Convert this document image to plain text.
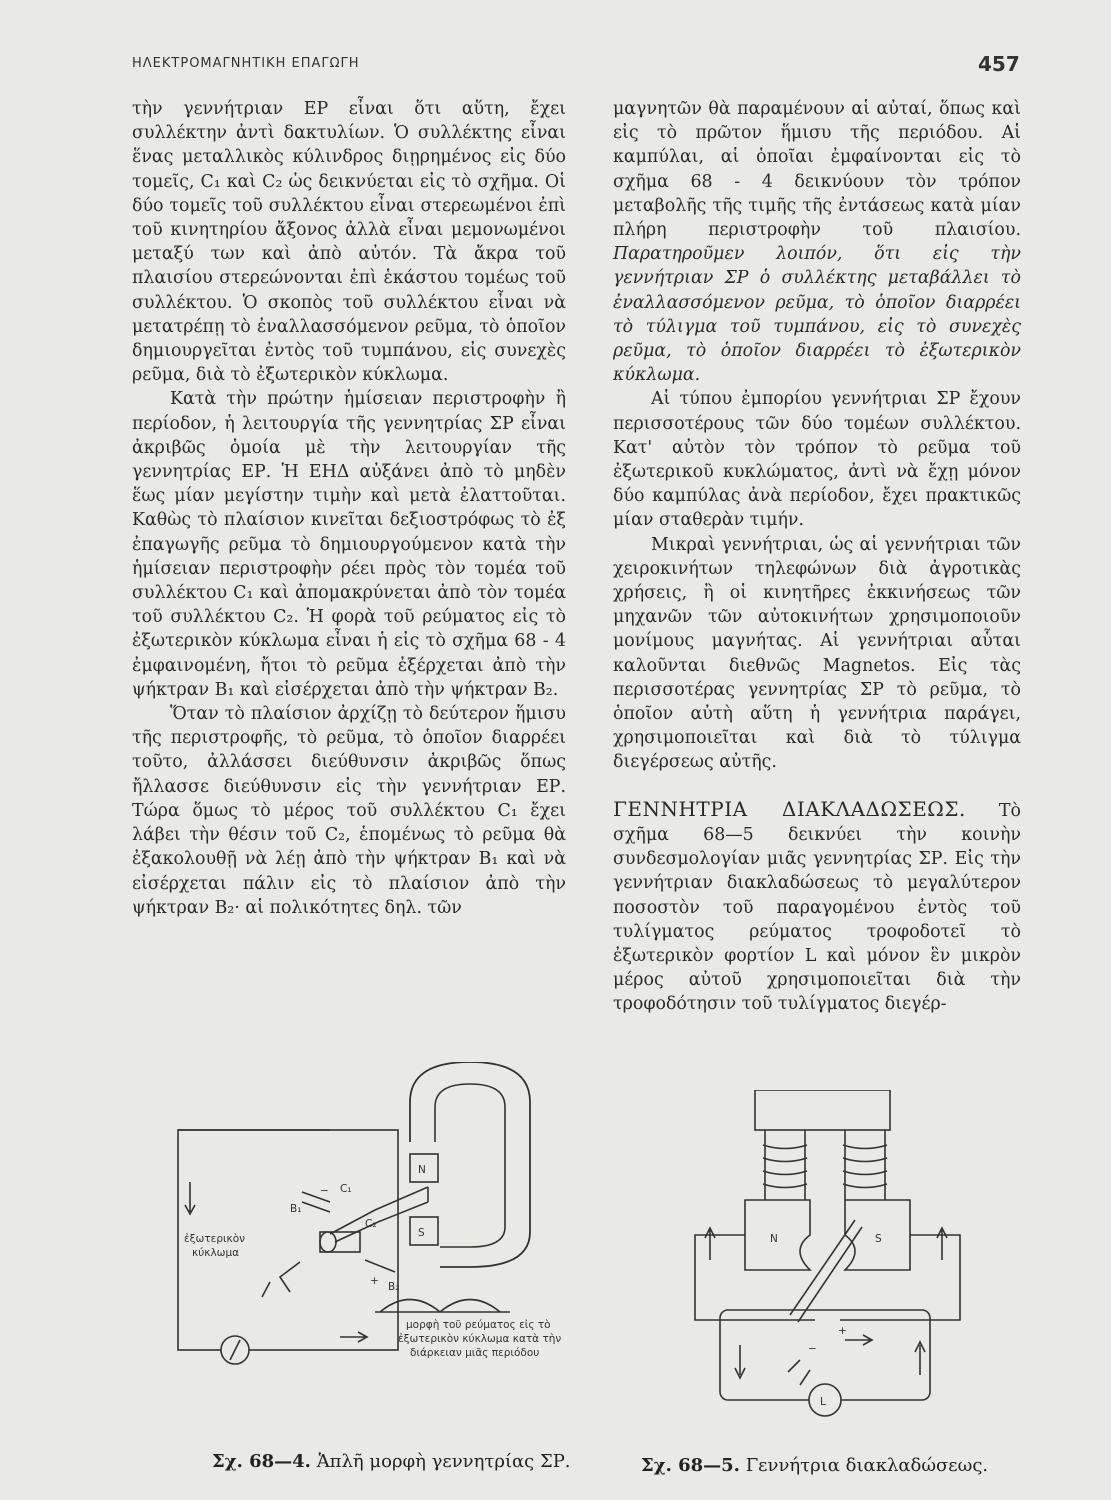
ΗΛΕΚΤΡΟΜΑΓΝΗΤΙΚΗ ΕΠΑΓΩΓΗ	457

τὴν γεννήτριαν ΕΡ εἶναι ὅτι αὕτη, ἔχει συλλέκτην ἀντὶ δακτυλίων. Ὁ συλλέκτης εἶναι ἕνας μεταλλικὸς κύλινδρος διῃρημένος εἰς δύο τομεῖς, C₁ καὶ C₂ ὡς δεικνύεται εἰς τὸ σχῆμα. Οἱ δύο τομεῖς τοῦ συλλέκτου εἶναι στερεωμένοι ἐπὶ τοῦ κινητηρίου ἄξονος ἀλλὰ εἶναι μεμονωμένοι μεταξύ των καὶ ἀπὸ αὐτόν. Τὰ ἄκρα τοῦ πλαισίου στερεώνονται ἐπὶ ἑκάστου τομέως τοῦ συλλέκτου. Ὁ σκοπὸς τοῦ συλλέκτου εἶναι νὰ μετατρέπῃ τὸ ἐναλλασσόμενον ρεῦμα, τὸ ὁποῖον δημιουργεῖται ἐντὸς τοῦ τυμπάνου, εἰς συνεχὲς ρεῦμα, διὰ τὸ ἐξωτερικὸν κύκλωμα.

Κατὰ τὴν πρώτην ἡμίσειαν περιστροφὴν ἢ περίοδον, ἡ λειτουργία τῆς γεννητρίας ΣΡ εἶναι ἀκριβῶς ὁμοία μὲ τὴν λειτουργίαν τῆς γεννητρίας ΕΡ. Ἡ ΕΗΔ αὐξάνει ἀπὸ τὸ μηδὲν ἕως μίαν μεγίστην τιμὴν καὶ μετὰ ἐλαττοῦται. Καθὼς τὸ πλαίσιον κινεῖται δεξιοστρόφως τὸ ἐξ ἐπαγωγῆς ρεῦμα τὸ δημιουργούμενον κατὰ τὴν ἡμίσειαν περιστροφὴν ρέει πρὸς τὸν τομέα τοῦ συλλέκτου C₁ καὶ ἀπομακρύνεται ἀπὸ τὸν τομέα τοῦ συλλέκτου C₂. Ἡ φορὰ τοῦ ρεύματος εἰς τὸ ἐξωτερικὸν κύκλωμα εἶναι ἡ εἰς τὸ σχῆμα 68 - 4 ἐμφαινομένη, ἤτοι τὸ ρεῦμα ἐξέρχεται ἀπὸ τὴν ψήκτραν B₁ καὶ εἰσέρχεται ἀπὸ τὴν ψήκτραν B₂.

Ὅταν τὸ πλαίσιον ἀρχίζῃ τὸ δεύτερον ἥμισυ τῆς περιστροφῆς, τὸ ρεῦμα, τὸ ὁποῖον διαρρέει τοῦτο, ἀλλάσσει διεύθυνσιν ἀκριβῶς ὅπως ἤλλασσε διεύθυνσιν εἰς τὴν γεννήτριαν ΕΡ. Τώρα ὅμως τὸ μέρος τοῦ συλλέκτου C₁ ἔχει λάβει τὴν θέσιν τοῦ C₂, ἑπομένως τὸ ρεῦμα θὰ ἐξακολουθῇ νὰ λέῃ ἀπὸ τὴν ψήκτραν B₁ καὶ νὰ εἰσέρχεται πάλιν εἰς τὸ πλαίσιον ἀπὸ τὴν ψήκτραν B₂· αἱ πολικότητες δηλ. τῶν

μαγνητῶν θὰ παραμένουν αἱ αὐταί, ὅπως καὶ εἰς τὸ πρῶτον ἥμισυ τῆς περιόδου. Αἱ καμπύλαι, αἱ ὁποῖαι ἐμφαίνονται εἰς τὸ σχῆμα 68 - 4 δεικνύουν τὸν τρόπον μεταβολῆς τῆς τιμῆς τῆς ἐντάσεως κατὰ μίαν πλήρη περιστροφὴν τοῦ πλαισίου. Παρατηροῦμεν λοιπόν, ὅτι εἰς τὴν γεννήτριαν ΣΡ ὁ συλλέκτης μεταβάλλει τὸ ἐναλλασσόμενον ρεῦμα, τὸ ὁποῖον διαρρέει τὸ τύλιγμα τοῦ τυμπάνου, εἰς τὸ συνεχὲς ρεῦμα, τὸ ὁποῖον διαρρέει τὸ ἐξωτερικὸν κύκλωμα.

Αἱ τύπου ἐμπορίου γεννήτριαι ΣΡ ἔχουν περισσοτέρους τῶν δύο τομέων συλλέκτου. Κατ' αὐτὸν τὸν τρόπον τὸ ρεῦμα τοῦ ἐξωτερικοῦ κυκλώματος, ἀντὶ νὰ ἔχῃ μόνον δύο καμπύλας ἀνὰ περίοδον, ἔχει πρακτικῶς μίαν σταθερὰν τιμήν.

Μικραὶ γεννήτριαι, ὡς αἱ γεννήτριαι τῶν χειροκινήτων τηλεφώνων διὰ ἀγροτικὰς χρήσεις, ἢ οἱ κινητῆρες ἐκκινήσεως τῶν μηχανῶν τῶν αὐτοκινήτων χρησιμοποιοῦν μονίμους μαγνήτας. Αἱ γεννήτριαι αὗται καλοῦνται διεθνῶς Magnetos. Εἰς τὰς περισσοτέρας γεννητρίας ΣΡ τὸ ρεῦμα, τὸ ὁποῖον αὐτὴ αὕτη ἡ γεννήτρια παράγει, χρησιμοποιεῖται καὶ διὰ τὸ τύλιγμα διεγέρσεως αὐτῆς.

ΓΕΝΝΗΤΡΙΑ ΔΙΑΚΛΑΔΩΣΕΩΣ. Τὸ σχῆμα 68—5 δεικνύει τὴν κοινὴν συνδεσμολογίαν μιᾶς γεννητρίας ΣΡ. Εἰς τὴν γεννήτριαν διακλαδώσεως τὸ μεγαλύτερον ποσοστὸν τοῦ παραγομένου ἐντὸς τοῦ τυλίγματος ρεύματος τροφοδοτεῖ τὸ ἐξωτερικὸν φορτίον L καὶ μόνον ἓν μικρὸν μέρος αὐτοῦ χρησιμοποιεῖται διὰ τὴν τροφοδότησιν τοῦ τυλίγματος διεγέρ-

N
S
C₁
C₂
B₁
B₂
+
−
ἐξωτερικὸν
κύκλωμα
μορφὴ τοῦ ρεύματος εἰς τὸ
ἐξωτερικὸν κύκλωμα κατὰ τὴν
διάρκειαν μιᾶς περιόδου
N	S
+
−
L
Σχ. 68—4. Ἁπλῆ μορφὴ γεννητρίας ΣΡ.	Σχ. 68—5. Γεννήτρια διακλαδώσεως.
